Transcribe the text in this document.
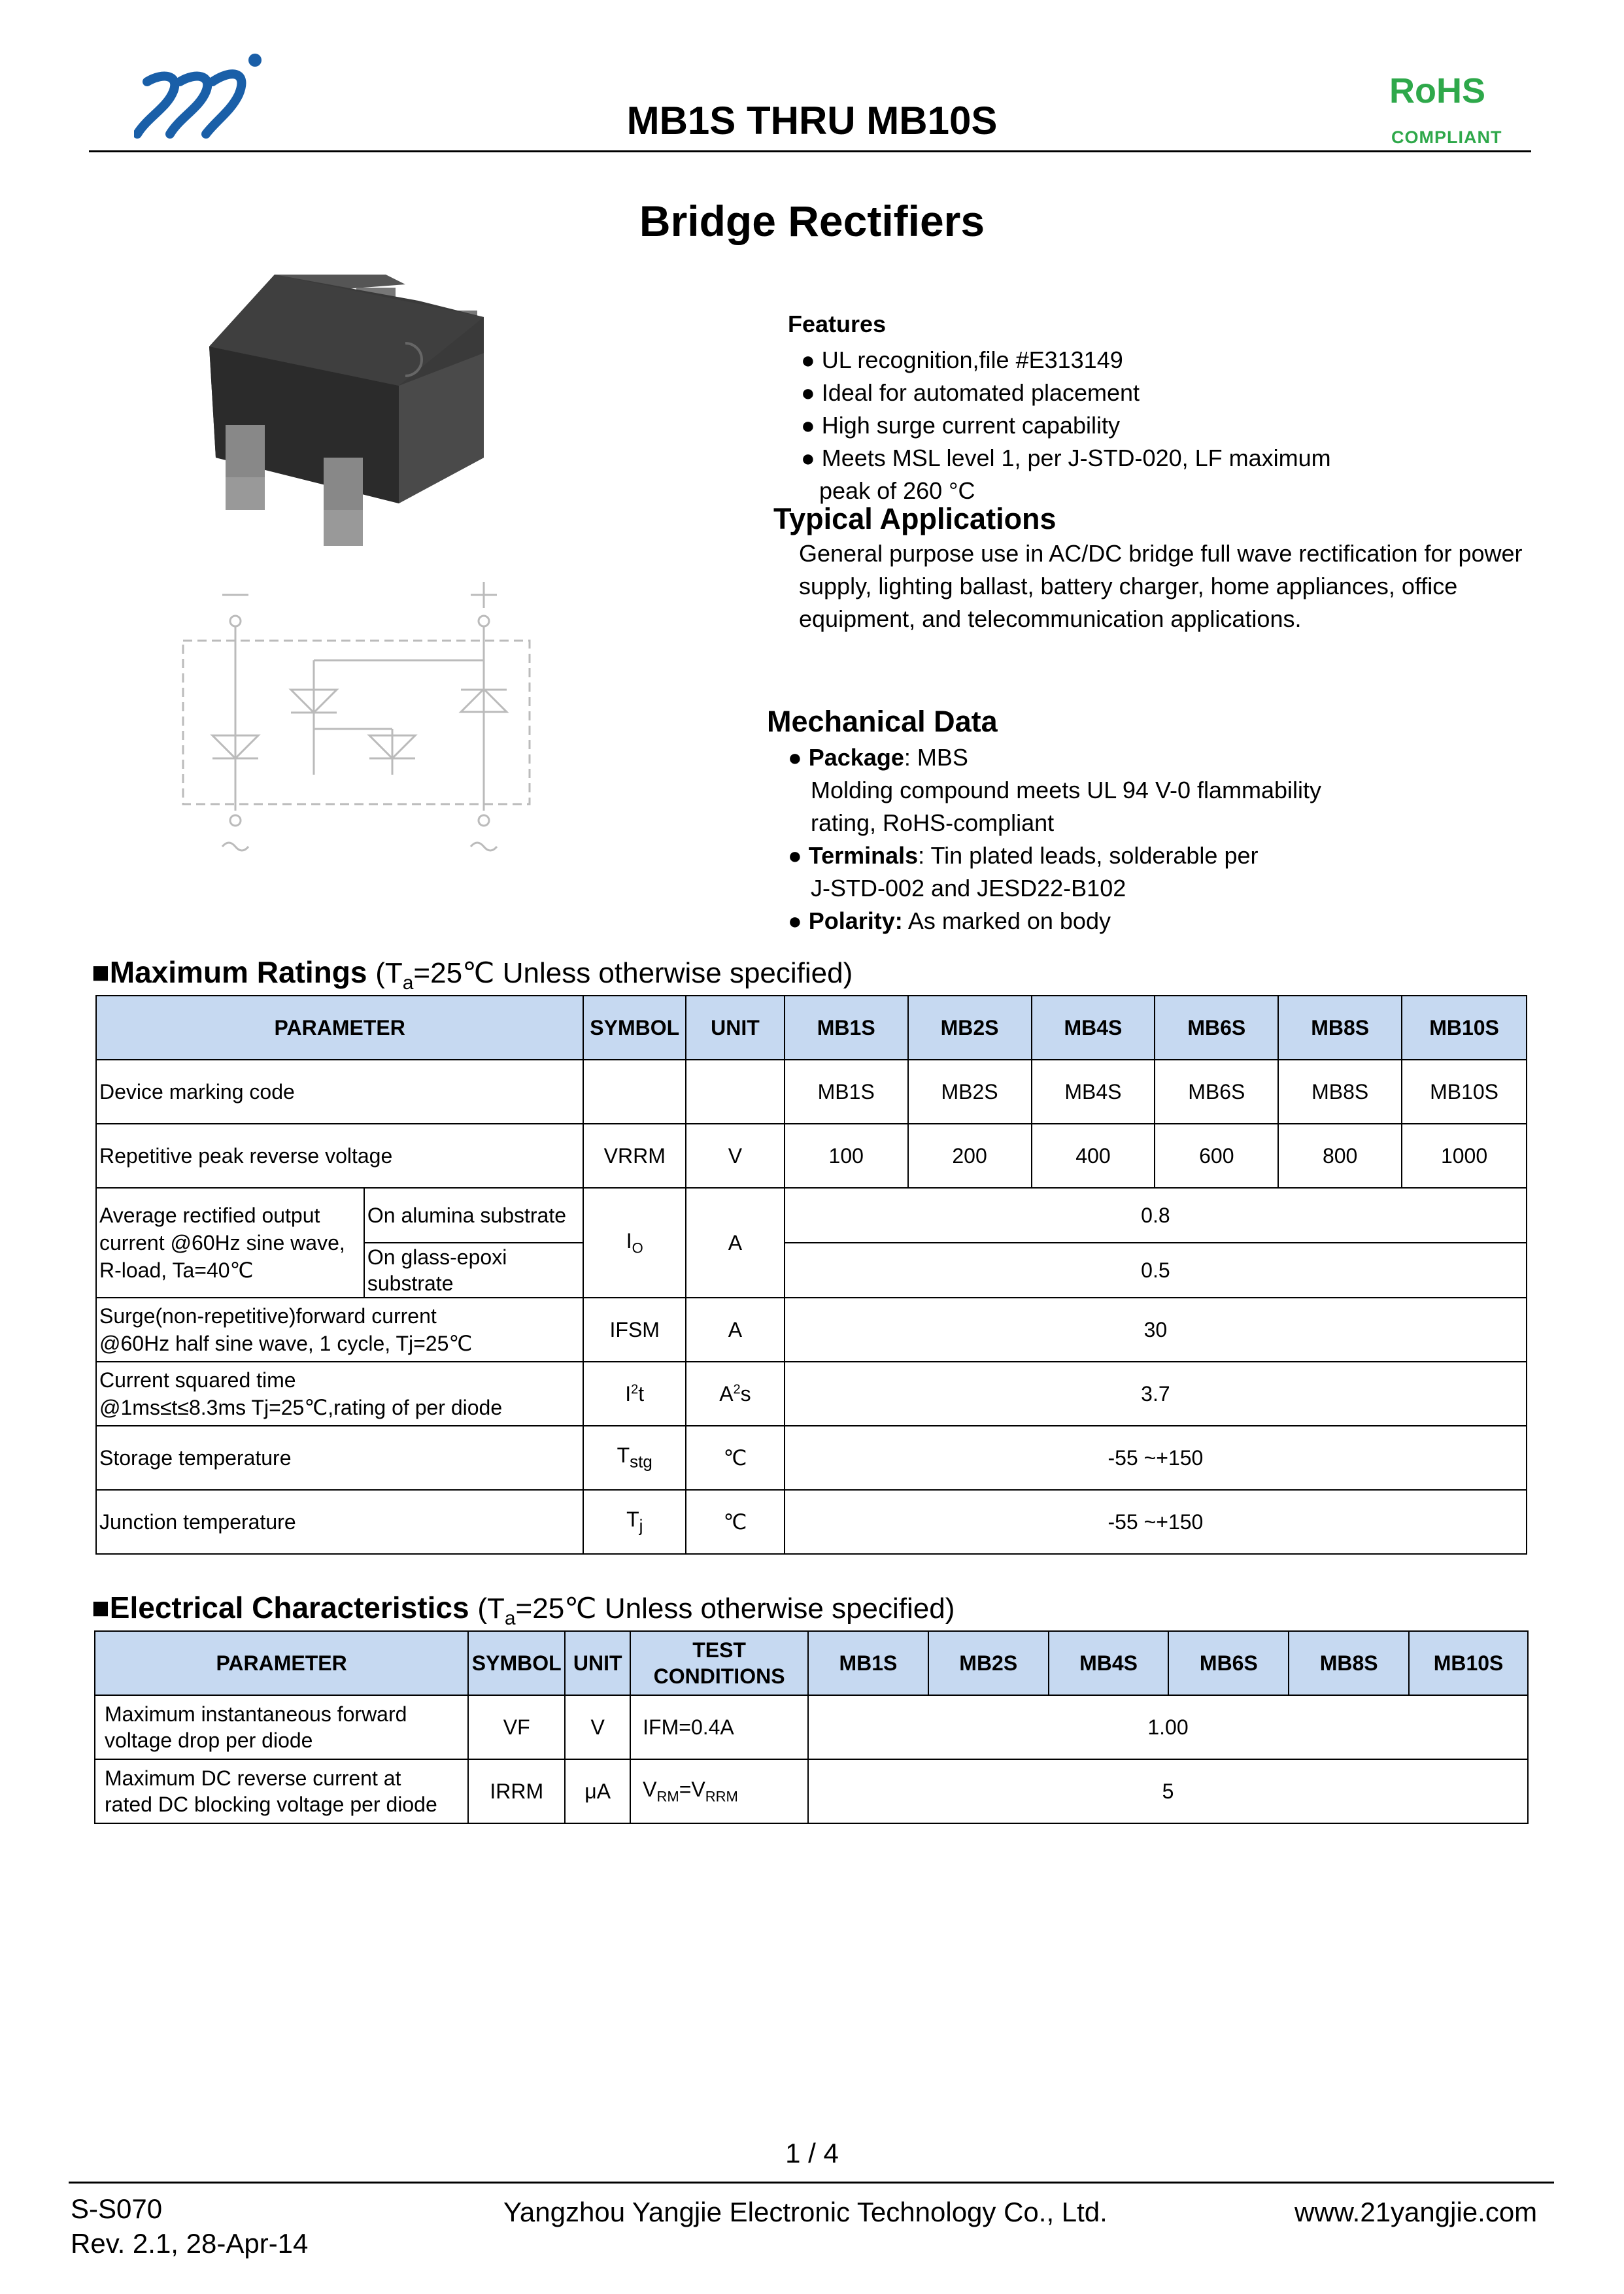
MB1S THRU MB10S
RoHS
COMPLIANT
Bridge Rectifiers
Features
● UL recognition,file #E313149
● Ideal for automated placement
● High surge current capability
● Meets MSL level 1, per J-STD-020, LF maximum
peak of 260 °C
Typical Applications
General purpose use in AC/DC bridge full wave rectification for power supply, lighting ballast, battery charger, home appliances, office equipment, and telecommunication applications.
Mechanical Data
● Package: MBS
Molding compound meets UL 94 V-0 flammability
rating, RoHS-compliant
● Terminals: Tin plated leads, solderable per
J-STD-002 and JESD22-B102
● Polarity: As marked on body
■Maximum Ratings ($T_a=25℃$ Unless otherwise specified)
PARAMETER		SYMBOL	UNIT	MB1S	MB2S	MB4S	MB6S	MB8S	MB10S
Device marking code				MB1S	MB2S	MB4S	MB6S	MB8S	MB10S
Repetitive peak reverse voltage		VRRM	V	100	200	400	600	800	1000

Average rectified output
current @60Hz sine wave,
R-load, Ta=40℃	On alumina substrate	$I_O$	A	0.8					

	On glass-epoxi
substrate			0.5					

Surge(non-repetitive)forward current
@60Hz half sine wave, 1 cycle, Tj=25℃		IFSM	A	30					

Current squared time
@1ms≤t≤8.3ms Tj=25℃,rating of per diode		$I^2t$	$A^2s$	3.7					
Storage temperature		$T_{stg}$	℃	-55 ~+150					
Junction temperature		$T_j$	℃	-55 ~+150					
■Electrical Characteristics ($T_a=25℃$ Unless otherwise specified)
PARAMETER	SYMBOL	UNIT	TEST
CONDITIONS	MB1S	MB2S	MB4S	MB6S	MB8S	MB10S

Maximum instantaneous forward
voltage drop per diode	VF	V	IFM=0.4A	1.00					

Maximum DC reverse current at
rated DC blocking voltage per diode	IRRM	μA	$V_{RM}=V_{RRM}$	5					
1 / 4
S-S070
Rev. 2.1, 28-Apr-14
Yangzhou Yangjie Electronic Technology Co., Ltd.	www.21yangjie.com
